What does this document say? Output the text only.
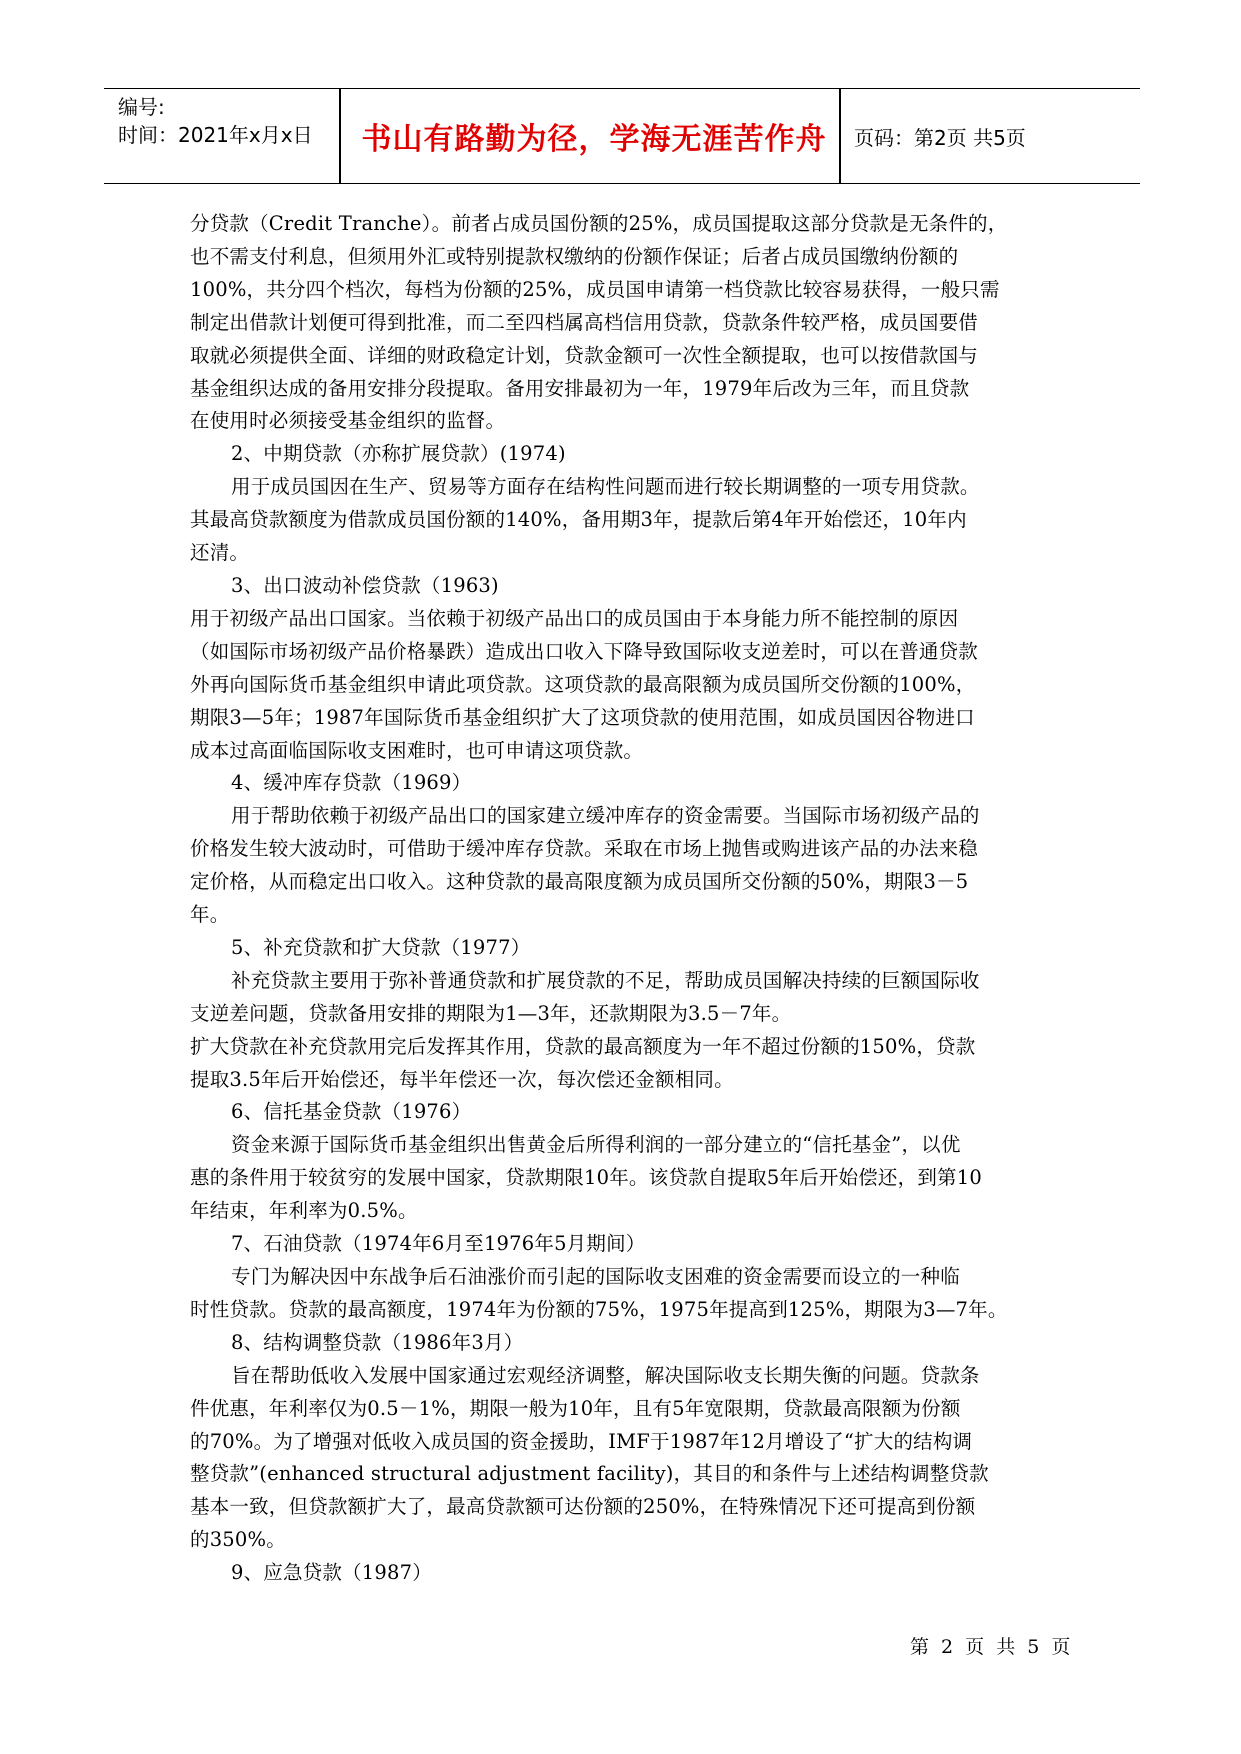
编号:
时间：2021年x月x日 书山有路勤为径，学海无涯苦作舟	页码：第2页 共5页

分贷款（Credit Tranche）。前者占成员国份额的25%，成员国提取这部分贷款是无条件的，

也不需支付利息，但须用外汇或特别提款权缴纳的份额作保证；后者占成员国缴纳份额的

100%，共分四个档次，每档为份额的25%，成员国申请第一档贷款比较容易获得，一般只需

制定出借款计划便可得到批准，而二至四档属高档信用贷款，贷款条件较严格，成员国要借

取就必须提供全面、详细的财政稳定计划，贷款金额可一次性全额提取，也可以按借款国与

基金组织达成的备用安排分段提取。备用安排最初为一年，1979年后改为三年，而且贷款

在使用时必须接受基金组织的监督。

2、中期贷款（亦称扩展贷款）(1974)

用于成员国因在生产、贸易等方面存在结构性问题而进行较长期调整的一项专用贷款。

其最高贷款额度为借款成员国份额的140%，备用期3年，提款后第4年开始偿还，10年内

还清。

3、出口波动补偿贷款（1963)

用于初级产品出口国家。当依赖于初级产品出口的成员国由于本身能力所不能控制的原因

（如国际市场初级产品价格暴跌）造成出口收入下降导致国际收支逆差时，可以在普通贷款

外再向国际货币基金组织申请此项贷款。这项贷款的最高限额为成员国所交份额的100%，

期限3—5年；1987年国际货币基金组织扩大了这项贷款的使用范围，如成员国因谷物进口

成本过高面临国际收支困难时，也可申请这项贷款。

4、缓冲库存贷款（1969）

用于帮助依赖于初级产品出口的国家建立缓冲库存的资金需要。当国际市场初级产品的

价格发生较大波动时，可借助于缓冲库存贷款。采取在市场上抛售或购进该产品的办法来稳

定价格，从而稳定出口收入。这种贷款的最高限度额为成员国所交份额的50%，期限3－5

年。

5、补充贷款和扩大贷款（1977）

补充贷款主要用于弥补普通贷款和扩展贷款的不足，帮助成员国解决持续的巨额国际收

支逆差问题，贷款备用安排的期限为1—3年，还款期限为3.5－7年。

扩大贷款在补充贷款用完后发挥其作用，贷款的最高额度为一年不超过份额的150%，贷款

提取3.5年后开始偿还，每半年偿还一次，每次偿还金额相同。

6、信托基金贷款（1976）

资金来源于国际货币基金组织出售黄金后所得利润的一部分建立的“信托基金”，以优

惠的条件用于较贫穷的发展中国家，贷款期限10年。该贷款自提取5年后开始偿还，到第10

年结束，年利率为0.5%。

7、石油贷款（1974年6月至1976年5月期间）

专门为解决因中东战争后石油涨价而引起的国际收支困难的资金需要而设立的一种临

时性贷款。贷款的最高额度，1974年为份额的75%，1975年提高到125%，期限为3—7年。

8、结构调整贷款（1986年3月）

旨在帮助低收入发展中国家通过宏观经济调整，解决国际收支长期失衡的问题。贷款条

件优惠，年利率仅为0.5－1%，期限一般为10年，且有5年宽限期，贷款最高限额为份额

的70%。为了增强对低收入成员国的资金援助，IMF于1987年12月增设了“扩大的结构调

整贷款”(enhanced structural adjustment facility)，其目的和条件与上述结构调整贷款

基本一致，但贷款额扩大了，最高贷款额可达份额的250%，在特殊情况下还可提高到份额

的350%。

9、应急贷款（1987）

第 2 页 共 5 页
